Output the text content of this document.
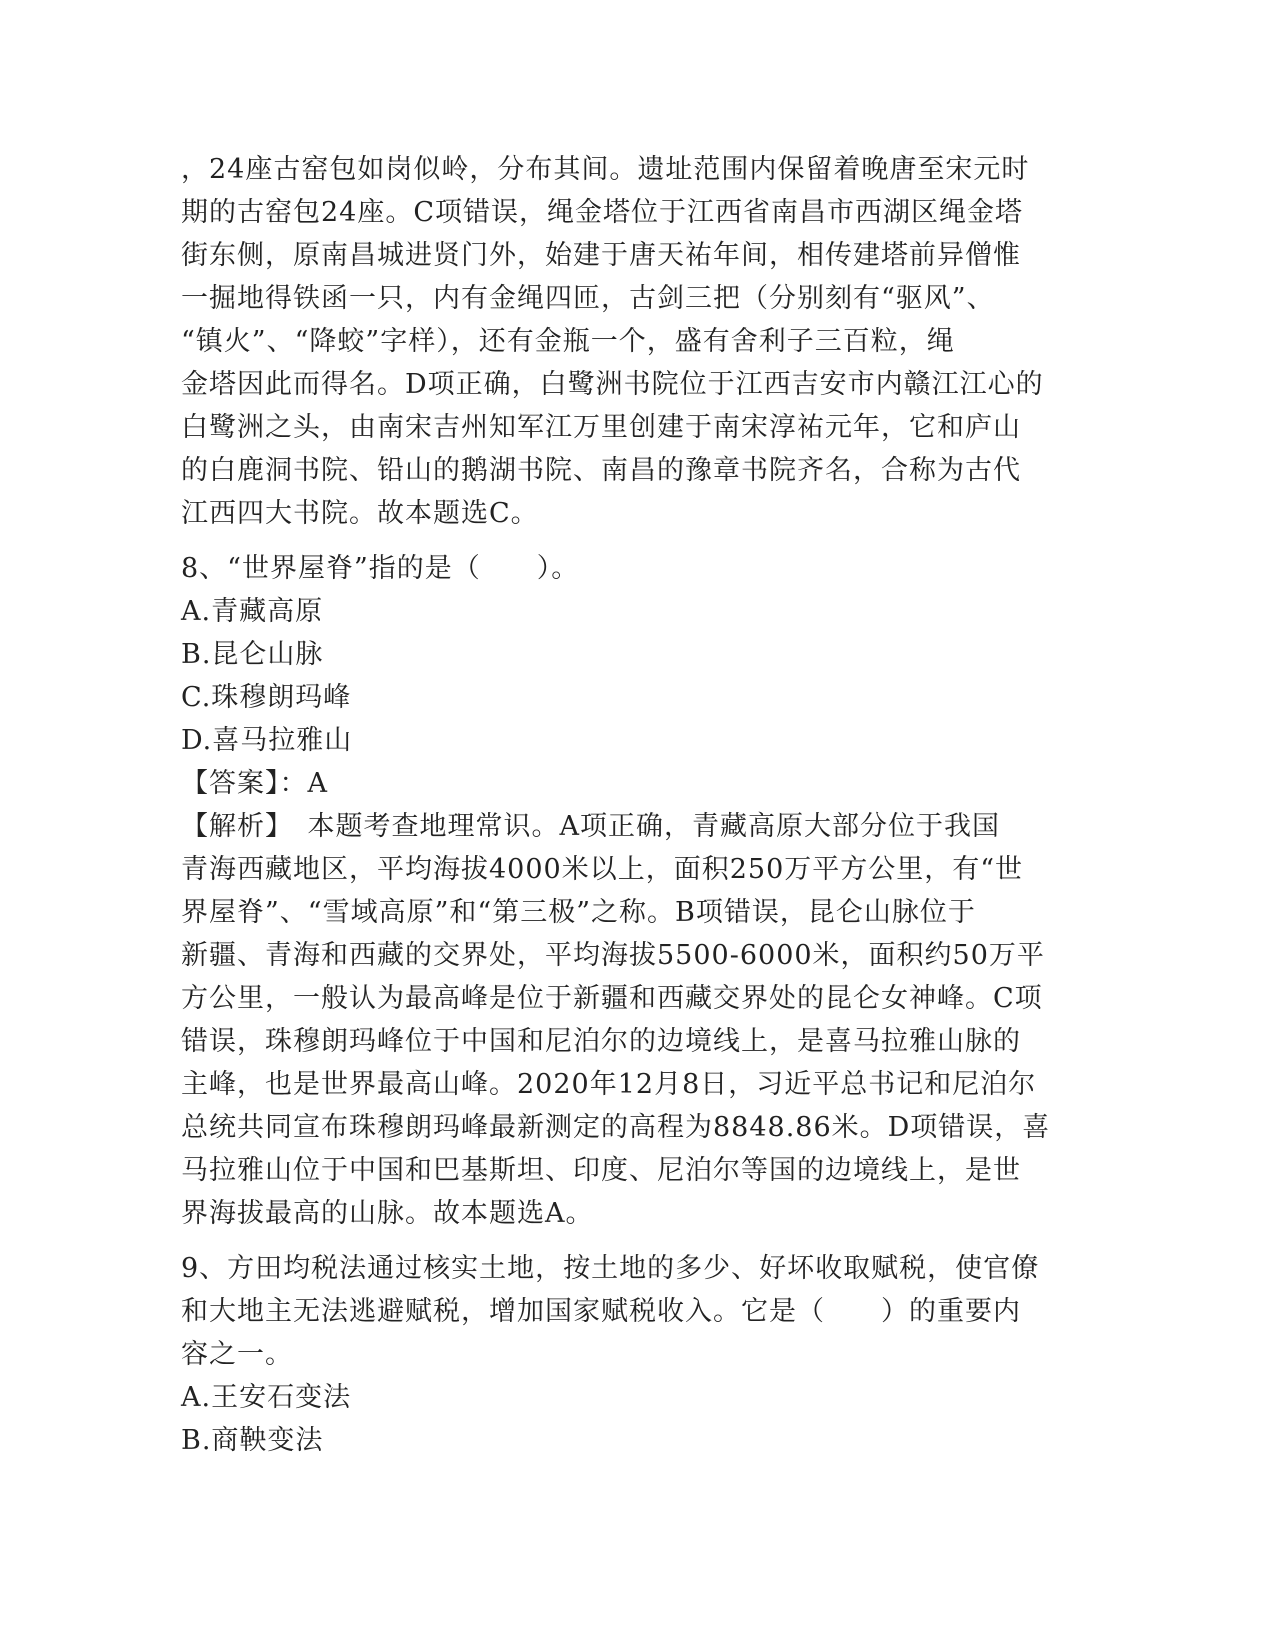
，24座古窑包如岗似岭，分布其间。遗址范围内保留着晚唐至宋元时
期的古窑包24座。C项错误，绳金塔位于江西省南昌市西湖区绳金塔
街东侧，原南昌城进贤门外，始建于唐天祐年间，相传建塔前异僧惟
一掘地得铁函一只，内有金绳四匝，古剑三把（分别刻有“驱风”、
“镇火”、“降蛟”字样），还有金瓶一个，盛有舍利子三百粒，绳
金塔因此而得名。D项正确，白鹭洲书院位于江西吉安市内赣江江心的
白鹭洲之头，由南宋吉州知军江万里创建于南宋淳祐元年，它和庐山
的白鹿洞书院、铅山的鹅湖书院、南昌的豫章书院齐名，合称为古代
江西四大书院。故本题选C。
8、“世界屋脊”指的是（　　）。
A.青藏高原
B.昆仑山脉
C.珠穆朗玛峰
D.喜马拉雅山
【答案】：A
【解析】　本题考查地理常识。A项正确，青藏高原大部分位于我国
青海西藏地区，平均海拔4000米以上，面积250万平方公里，有“世
界屋脊”、“雪域高原”和“第三极”之称。B项错误，昆仑山脉位于
新疆、青海和西藏的交界处，平均海拔5500-6000米，面积约50万平
方公里，一般认为最高峰是位于新疆和西藏交界处的昆仑女神峰。C项
错误，珠穆朗玛峰位于中国和尼泊尔的边境线上，是喜马拉雅山脉的
主峰，也是世界最高山峰。2020年12月8日，习近平总书记和尼泊尔
总统共同宣布珠穆朗玛峰最新测定的高程为8848.86米。D项错误，喜
马拉雅山位于中国和巴基斯坦、印度、尼泊尔等国的边境线上，是世
界海拔最高的山脉。故本题选A。
9、方田均税法通过核实土地，按土地的多少、好坏收取赋税，使官僚
和大地主无法逃避赋税，增加国家赋税收入。它是（　　）的重要内
容之一。
A.王安石变法
B.商鞅变法
